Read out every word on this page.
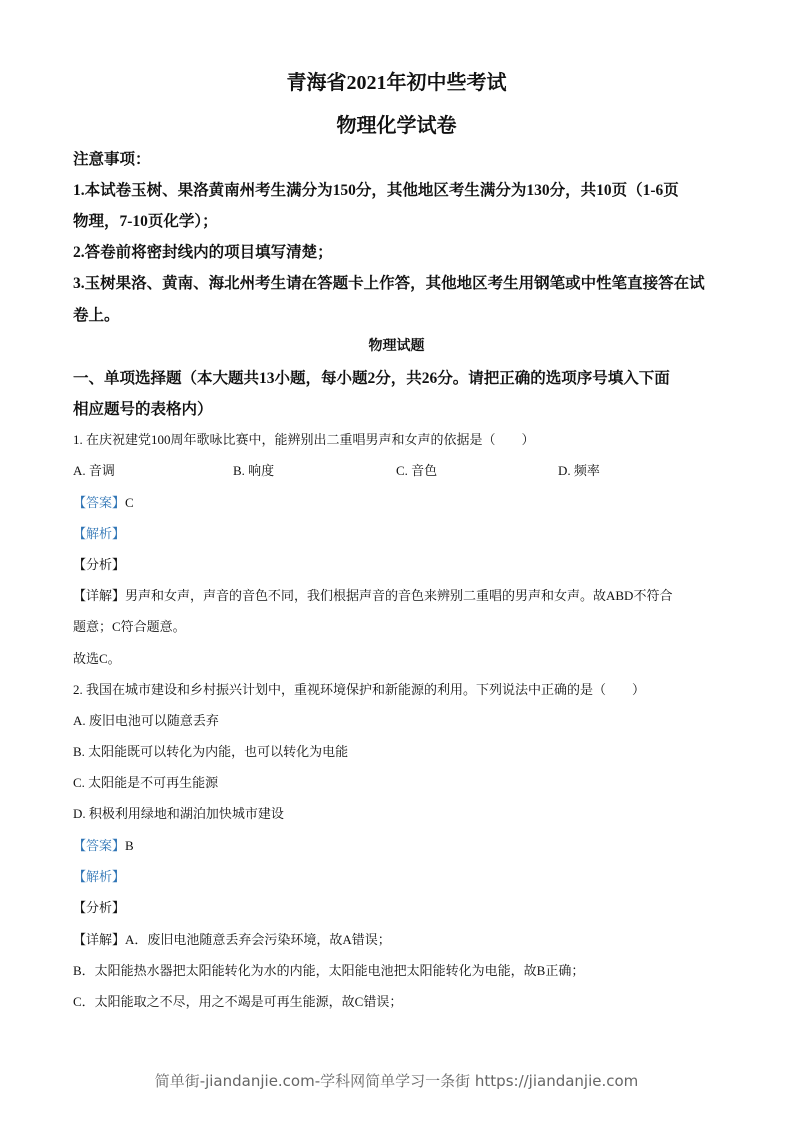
青海省2021年初中些考试
物理化学试卷
注意事项：
1.本试卷玉树、果洛黄南州考生满分为150分，其他地区考生满分为130分，共10页（1-6页
物理，7-10页化学）；
2.答卷前将密封线内的项目填写清楚；
3.玉树果洛、黄南、海北州考生请在答题卡上作答，其他地区考生用钢笔或中性笔直接答在试
卷上。
物理试题
一、单项选择题（本大题共13小题，每小题2分，共26分。请把正确的选项序号填入下面
相应题号的表格内）
1. 在庆祝建党100周年歌咏比赛中，能辨别出二重唱男声和女声的依据是（　　）
A. 音调	B. 响度	C. 音色	D. 频率
【答案】C
【解析】
【分析】
【详解】男声和女声，声音的音色不同，我们根据声音的音色来辨别二重唱的男声和女声。故ABD不符合
题意；C符合题意。
故选C。
2. 我国在城市建设和乡村振兴计划中，重视环境保护和新能源的利用。下列说法中正确的是（　　）
A. 废旧电池可以随意丢弃
B. 太阳能既可以转化为内能，也可以转化为电能
C. 太阳能是不可再生能源
D. 积极利用绿地和湖泊加快城市建设
【答案】B
【解析】
【分析】
【详解】A．废旧电池随意丢弃会污染环境，故A错误；
B．太阳能热水器把太阳能转化为水的内能，太阳能电池把太阳能转化为电能，故B正确；
C．太阳能取之不尽，用之不竭是可再生能源，故C错误；
简单街-jiandanjie.com-学科网简单学习一条街 https://jiandanjie.com
